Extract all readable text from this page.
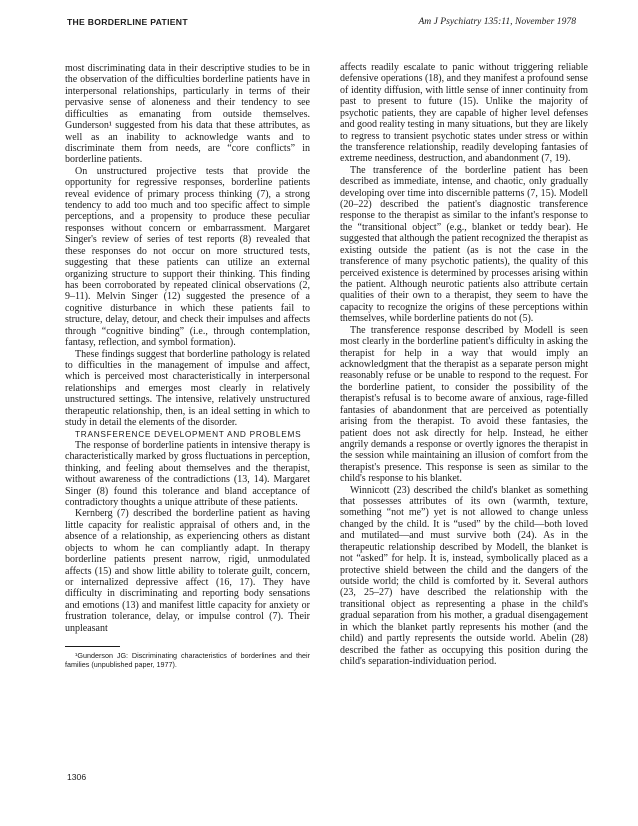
THE BORDERLINE PATIENT	Am J Psychiatry 135:11, November 1978

most discriminating data in their descriptive studies to be in the observation of the difficulties borderline patients have in interpersonal relationships, particularly in terms of their pervasive sense of aloneness and their tendency to see difficulties as emanating from outside themselves. Gunderson¹ suggested from his data that these attributes, as well as an inability to acknowledge wants and to discriminate them from needs, are “core conflicts” in borderline patients.

On unstructured projective tests that provide the opportunity for regressive responses, borderline patients reveal evidence of primary process thinking (7), a strong tendency to add too much and too specific affect to simple perceptions, and a propensity to produce these peculiar responses without concern or embarrassment. Margaret Singer's review of series of test reports (8) revealed that these responses do not occur on more structured tests, suggesting that these patients can utilize an external organizing structure to support their thinking. This finding has been corroborated by repeated clinical observations (2, 9–11). Melvin Singer (12) suggested the presence of a cognitive disturbance in which these patients fail to structure, delay, detour, and check their impulses and affects through “cognitive binding” (i.e., through contemplation, fantasy, reflection, and symbol formation).

These findings suggest that borderline pathology is related to difficulties in the management of impulse and affect, which is perceived most characteristically in interpersonal relationships and emerges most clearly in relatively unstructured settings. The intensive, relatively unstructured therapeutic relationship, then, is an ideal setting in which to study in detail the elements of the disorder.

TRANSFERENCE DEVELOPMENT AND PROBLEMS

The response of borderline patients in intensive therapy is characteristically marked by gross fluctuations in perception, thinking, and feeling about themselves and the therapist, without awareness of the contradictions (13, 14). Margaret Singer (8) found this tolerance and bland acceptance of contradictory thoughts a unique attribute of these patients.

Kernberg (7) described the borderline patient as having little capacity for realistic appraisal of others and, in the absence of a relationship, as experiencing others as distant objects to whom he can compliantly adapt. In therapy borderline patients present narrow, rigid, unmodulated affects (15) and show little ability to tolerate guilt, concern, or internalized depressive affect (16, 17). They have difficulty in discriminating and reporting body sensations and emotions (13) and manifest little capacity for anxiety or frustration tolerance, delay, or impulse control (7). Their unpleasant

¹Gunderson JG: Discriminating characteristics of borderlines and their families (unpublished paper, 1977).

affects readily escalate to panic without triggering reliable defensive operations (18), and they manifest a profound sense of identity diffusion, with little sense of inner continuity from past to present to future (15). Unlike the majority of psychotic patients, they are capable of higher level defenses and good reality testing in many situations, but they are likely to regress to transient psychotic states under stress or within the transference relationship, readily developing fantasies of extreme neediness, destruction, and abandonment (7, 19).

The transference of the borderline patient has been described as immediate, intense, and chaotic, only gradually developing over time into discernible patterns (7, 15). Modell (20–22) described the patient's diagnostic transference response to the therapist as similar to the infant's response to the “transitional object” (e.g., blanket or teddy bear). He suggested that although the patient recognized the therapist as existing outside the patient (as is not the case in the transference of many psychotic patients), the quality of this perceived existence is determined by processes arising within the patient. Although neurotic patients also attribute certain qualities of their own to a therapist, they seem to have the capacity to recognize the origins of these perceptions within themselves, while borderline patients do not (5).

The transference response described by Modell is seen most clearly in the borderline patient's difficulty in asking the therapist for help in a way that would imply an acknowledgment that the therapist as a separate person might reasonably refuse or be unable to respond to the request. For the borderline patient, to consider the possibility of the therapist's refusal is to become aware of anxious, rage-filled fantasies of abandonment that are perceived as potentially arising from the therapist. To avoid these fantasies, the patient does not ask directly for help. Instead, he either angrily demands a response or overtly ignores the therapist in the session while maintaining an illusion of comfort from the therapist's presence. This response is seen as similar to the child's response to his blanket.

Winnicott (23) described the child's blanket as something that possesses attributes of its own (warmth, texture, something “not me”) yet is not allowed to change unless changed by the child. It is “used” by the child—both loved and mutilated—and must survive both (24). As in the therapeutic relationship described by Modell, the blanket is not “asked” for help. It is, instead, symbolically placed as a protective shield between the child and the dangers of the outside world; the child is comforted by it. Several authors (23, 25–27) have described the relationship with the transitional object as representing a phase in the child's gradual separation from his mother, a gradual disengagement in which the blanket partly represents his mother (and the child) and partly represents the outside world. Abelin (28) described the father as occupying this position during the child's separation-individuation period.

1306
